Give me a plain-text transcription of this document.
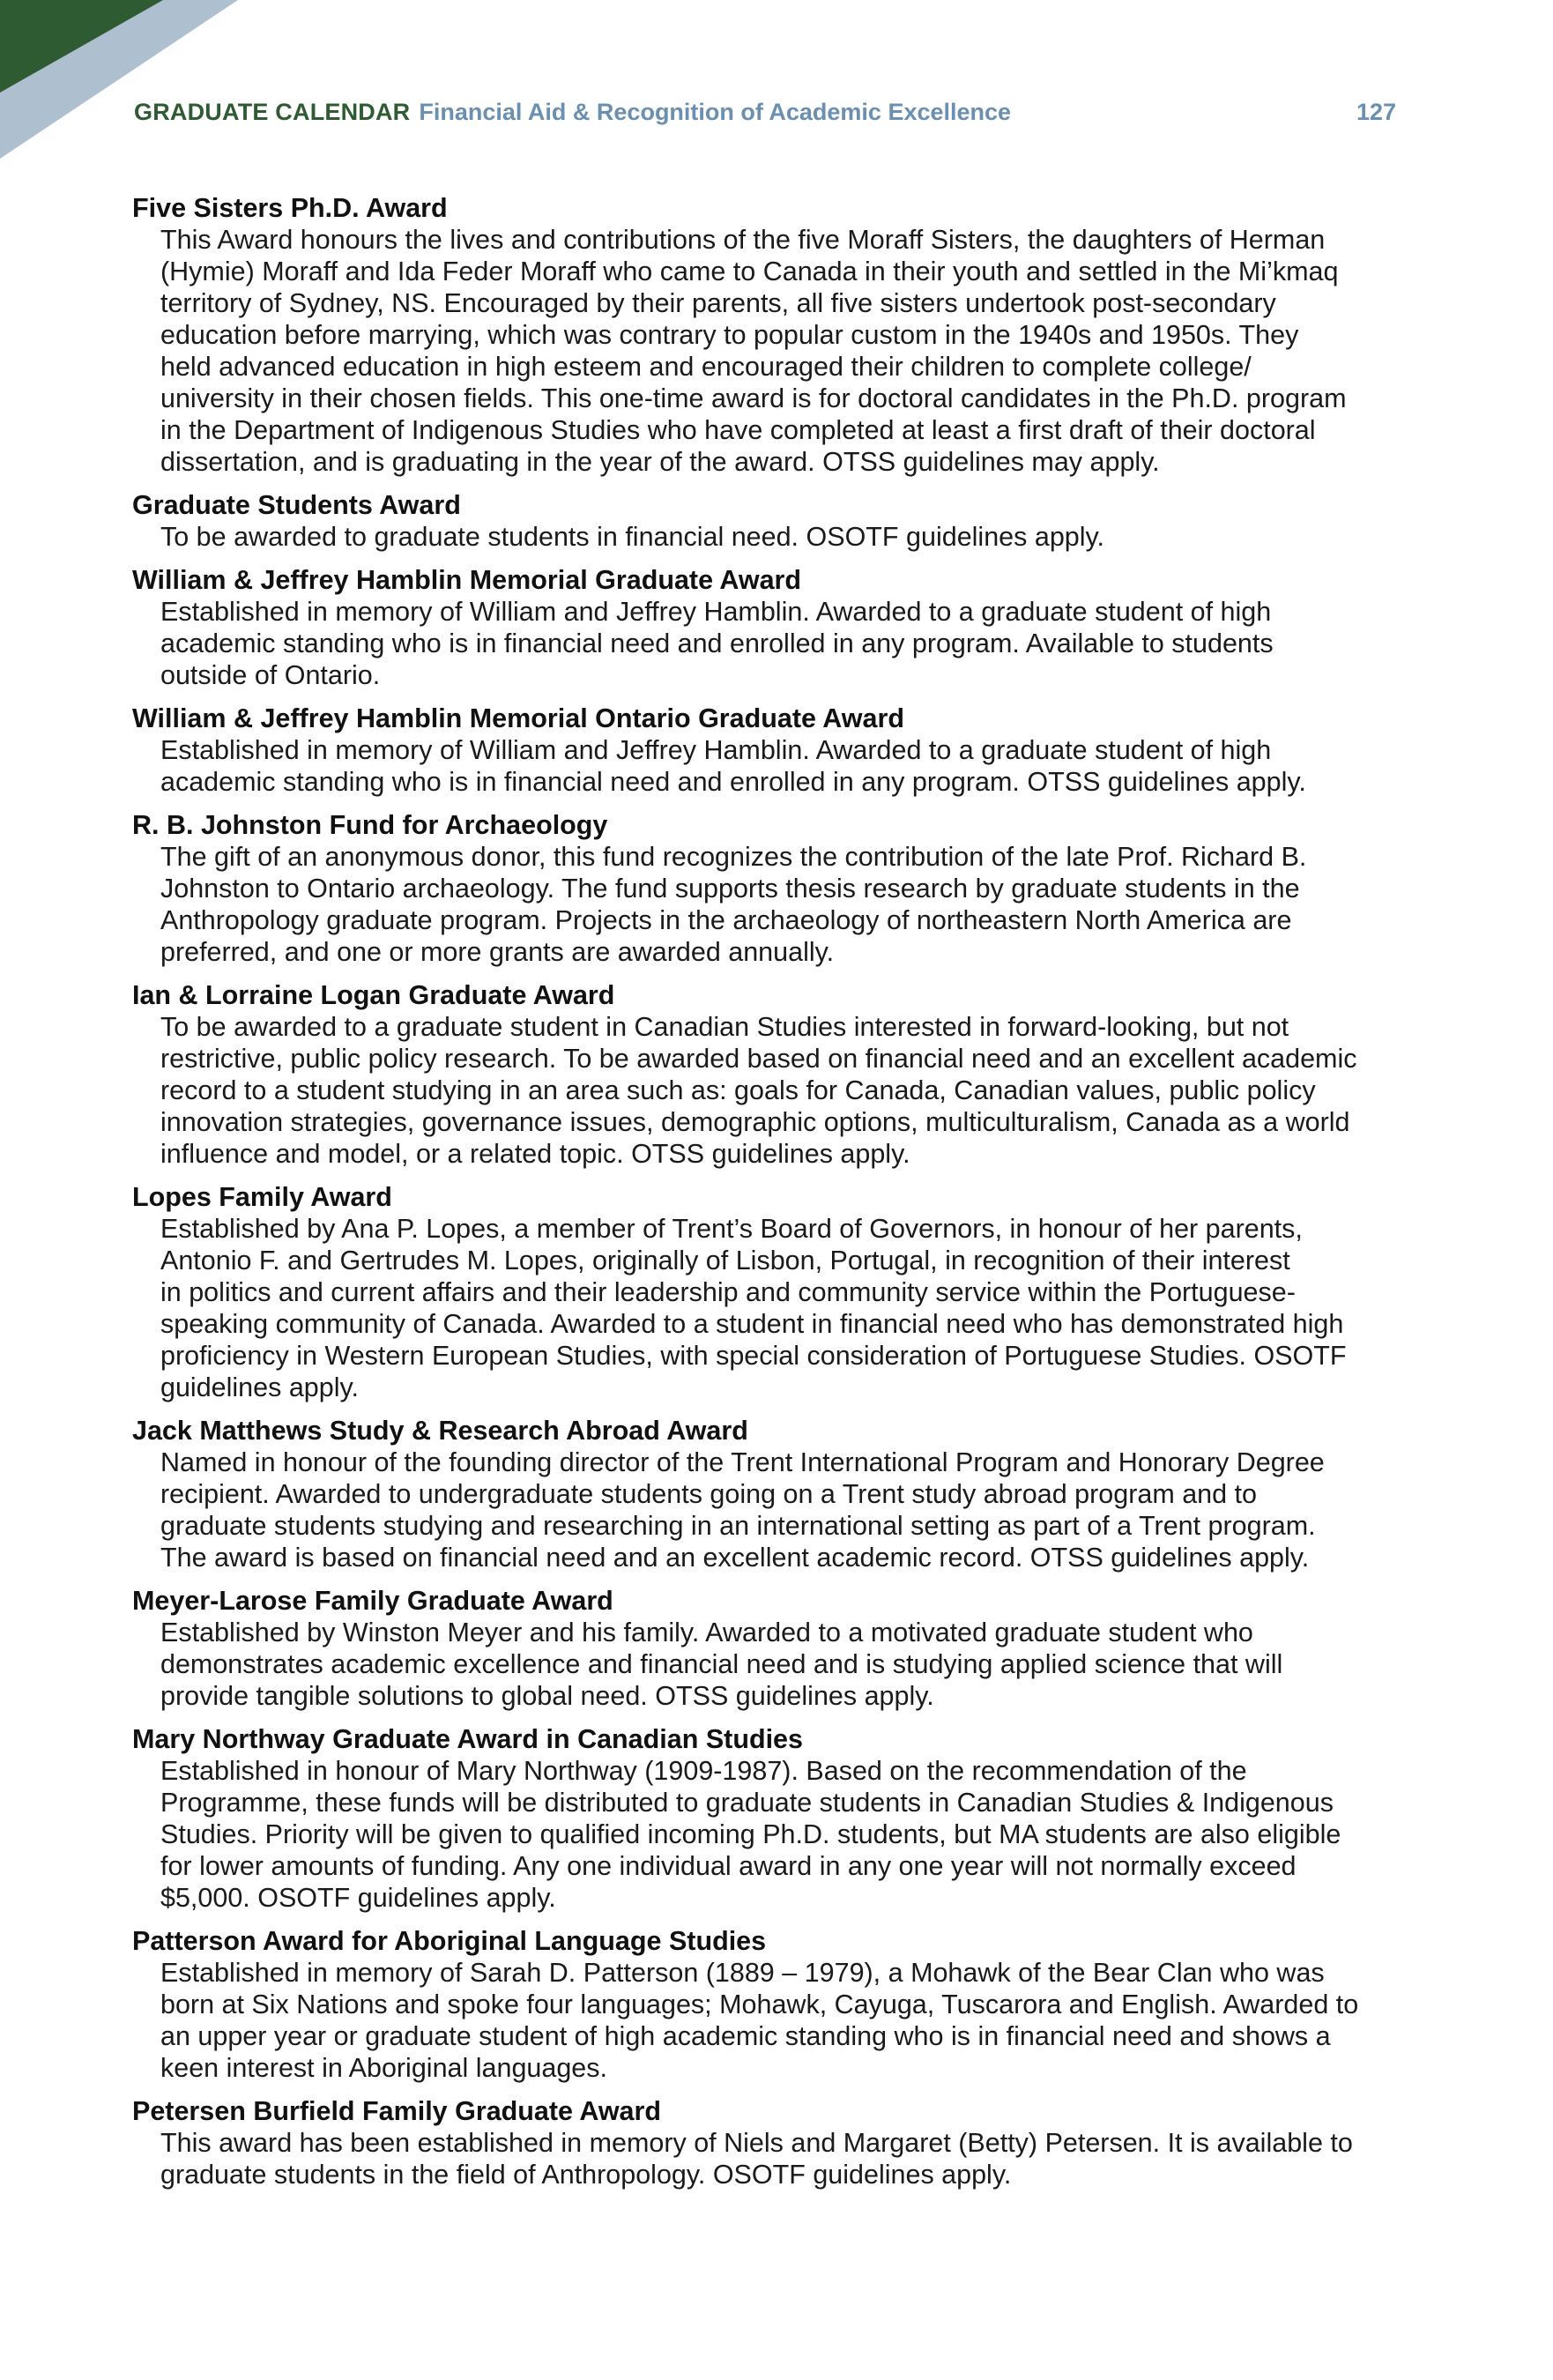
GRADUATE CALENDAR Financial Aid & Recognition of Academic Excellence	127
Five Sisters Ph.D. Award
This Award honours the lives and contributions of the five Moraff Sisters, the daughters of Herman
(Hymie) Moraff and Ida Feder Moraff who came to Canada in their youth and settled in the Mi’kmaq
territory of Sydney, NS. Encouraged by their parents, all five sisters undertook post-secondary
education before marrying, which was contrary to popular custom in the 1940s and 1950s. They
held advanced education in high esteem and encouraged their children to complete college/
university in their chosen fields. This one-time award is for doctoral candidates in the Ph.D. program
in the Department of Indigenous Studies who have completed at least a first draft of their doctoral
dissertation, and is graduating in the year of the award. OTSS guidelines may apply.
Graduate Students Award
To be awarded to graduate students in financial need. OSOTF guidelines apply.
William & Jeffrey Hamblin Memorial Graduate Award
Established in memory of William and Jeffrey Hamblin. Awarded to a graduate student of high
academic standing who is in financial need and enrolled in any program. Available to students
outside of Ontario.
William & Jeffrey Hamblin Memorial Ontario Graduate Award
Established in memory of William and Jeffrey Hamblin. Awarded to a graduate student of high
academic standing who is in financial need and enrolled in any program. OTSS guidelines apply.
R. B. Johnston Fund for Archaeology
The gift of an anonymous donor, this fund recognizes the contribution of the late Prof. Richard B.
Johnston to Ontario archaeology. The fund supports thesis research by graduate students in the
Anthropology graduate program. Projects in the archaeology of northeastern North America are
preferred, and one or more grants are awarded annually.
Ian & Lorraine Logan Graduate Award
To be awarded to a graduate student in Canadian Studies interested in forward-looking, but not
restrictive, public policy research. To be awarded based on financial need and an excellent academic
record to a student studying in an area such as: goals for Canada, Canadian values, public policy
innovation strategies, governance issues, demographic options, multiculturalism, Canada as a world
influence and model, or a related topic. OTSS guidelines apply.
Lopes Family Award
Established by Ana P. Lopes, a member of Trent’s Board of Governors, in honour of her parents,
Antonio F. and Gertrudes M. Lopes, originally of Lisbon, Portugal, in recognition of their interest
in politics and current affairs and their leadership and community service within the Portuguese-
speaking community of Canada. Awarded to a student in financial need who has demonstrated high
proficiency in Western European Studies, with special consideration of Portuguese Studies. OSOTF
guidelines apply.
Jack Matthews Study & Research Abroad Award
Named in honour of the founding director of the Trent International Program and Honorary Degree
recipient. Awarded to undergraduate students going on a Trent study abroad program and to
graduate students studying and researching in an international setting as part of a Trent program.
The award is based on financial need and an excellent academic record. OTSS guidelines apply.
Meyer-Larose Family Graduate Award
Established by Winston Meyer and his family. Awarded to a motivated graduate student who
demonstrates academic excellence and financial need and is studying applied science that will
provide tangible solutions to global need. OTSS guidelines apply.
Mary Northway Graduate Award in Canadian Studies
Established in honour of Mary Northway (1909-1987). Based on the recommendation of the
Programme, these funds will be distributed to graduate students in Canadian Studies & Indigenous
Studies. Priority will be given to qualified incoming Ph.D. students, but MA students are also eligible
for lower amounts of funding. Any one individual award in any one year will not normally exceed
$5,000. OSOTF guidelines apply.
Patterson Award for Aboriginal Language Studies
Established in memory of Sarah D. Patterson (1889 – 1979), a Mohawk of the Bear Clan who was
born at Six Nations and spoke four languages; Mohawk, Cayuga, Tuscarora and English. Awarded to
an upper year or graduate student of high academic standing who is in financial need and shows a
keen interest in Aboriginal languages.
Petersen Burfield Family Graduate Award
This award has been established in memory of Niels and Margaret (Betty) Petersen. It is available to
graduate students in the field of Anthropology. OSOTF guidelines apply.
